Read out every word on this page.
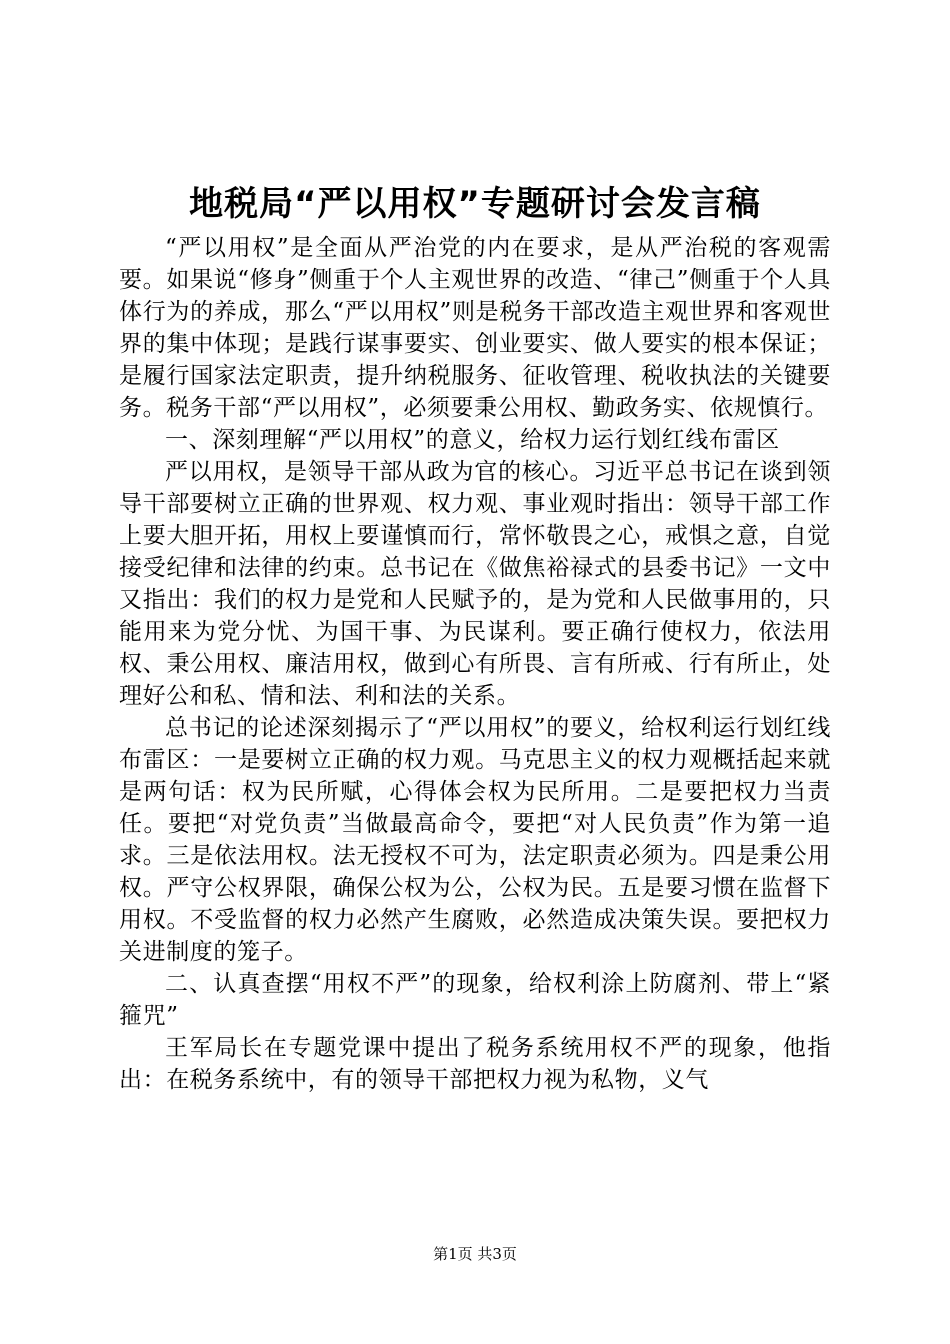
地税局“严以用权”专题研讨会发言稿

“严以用权”是全面从严治党的内在要求，是从严治税的客观需要。如果说“修身”侧重于个人主观世界的改造、“律己”侧重于个人具体行为的养成，那么“严以用权”则是税务干部改造主观世界和客观世界的集中体现；是践行谋事要实、创业要实、做人要实的根本保证；是履行国家法定职责，提升纳税服务、征收管理、税收执法的关键要务。税务干部“严以用权”，必须要秉公用权、勤政务实、依规慎行。

一、深刻理解“严以用权”的意义，给权力运行划红线布雷区

严以用权，是领导干部从政为官的核心。习近平总书记在谈到领导干部要树立正确的世界观、权力观、事业观时指出：领导干部工作上要大胆开拓，用权上要谨慎而行，常怀敬畏之心，戒惧之意，自觉接受纪律和法律的约束。总书记在《做焦裕禄式的县委书记》一文中又指出：我们的权力是党和人民赋予的，是为党和人民做事用的，只能用来为党分忧、为国干事、为民谋利。要正确行使权力，依法用权、秉公用权、廉洁用权，做到心有所畏、言有所戒、行有所止，处理好公和私、情和法、利和法的关系。

总书记的论述深刻揭示了“严以用权”的要义，给权利运行划红线布雷区：一是要树立正确的权力观。马克思主义的权力观概括起来就是两句话：权为民所赋，心得体会权为民所用。二是要把权力当责任。要把“对党负责”当做最高命令，要把“对人民负责”作为第一追求。三是依法用权。法无授权不可为，法定职责必须为。四是秉公用权。严守公权界限，确保公权为公，公权为民。五是要习惯在监督下用权。不受监督的权力必然产生腐败，必然造成决策失误。要把权力关进制度的笼子。

二、认真查摆“用权不严”的现象，给权利涂上防腐剂、带上“紧箍咒”

王军局长在专题党课中提出了税务系统用权不严的现象，他指出：在税务系统中，有的领导干部把权力视为私物，义气

第1页 共3页
